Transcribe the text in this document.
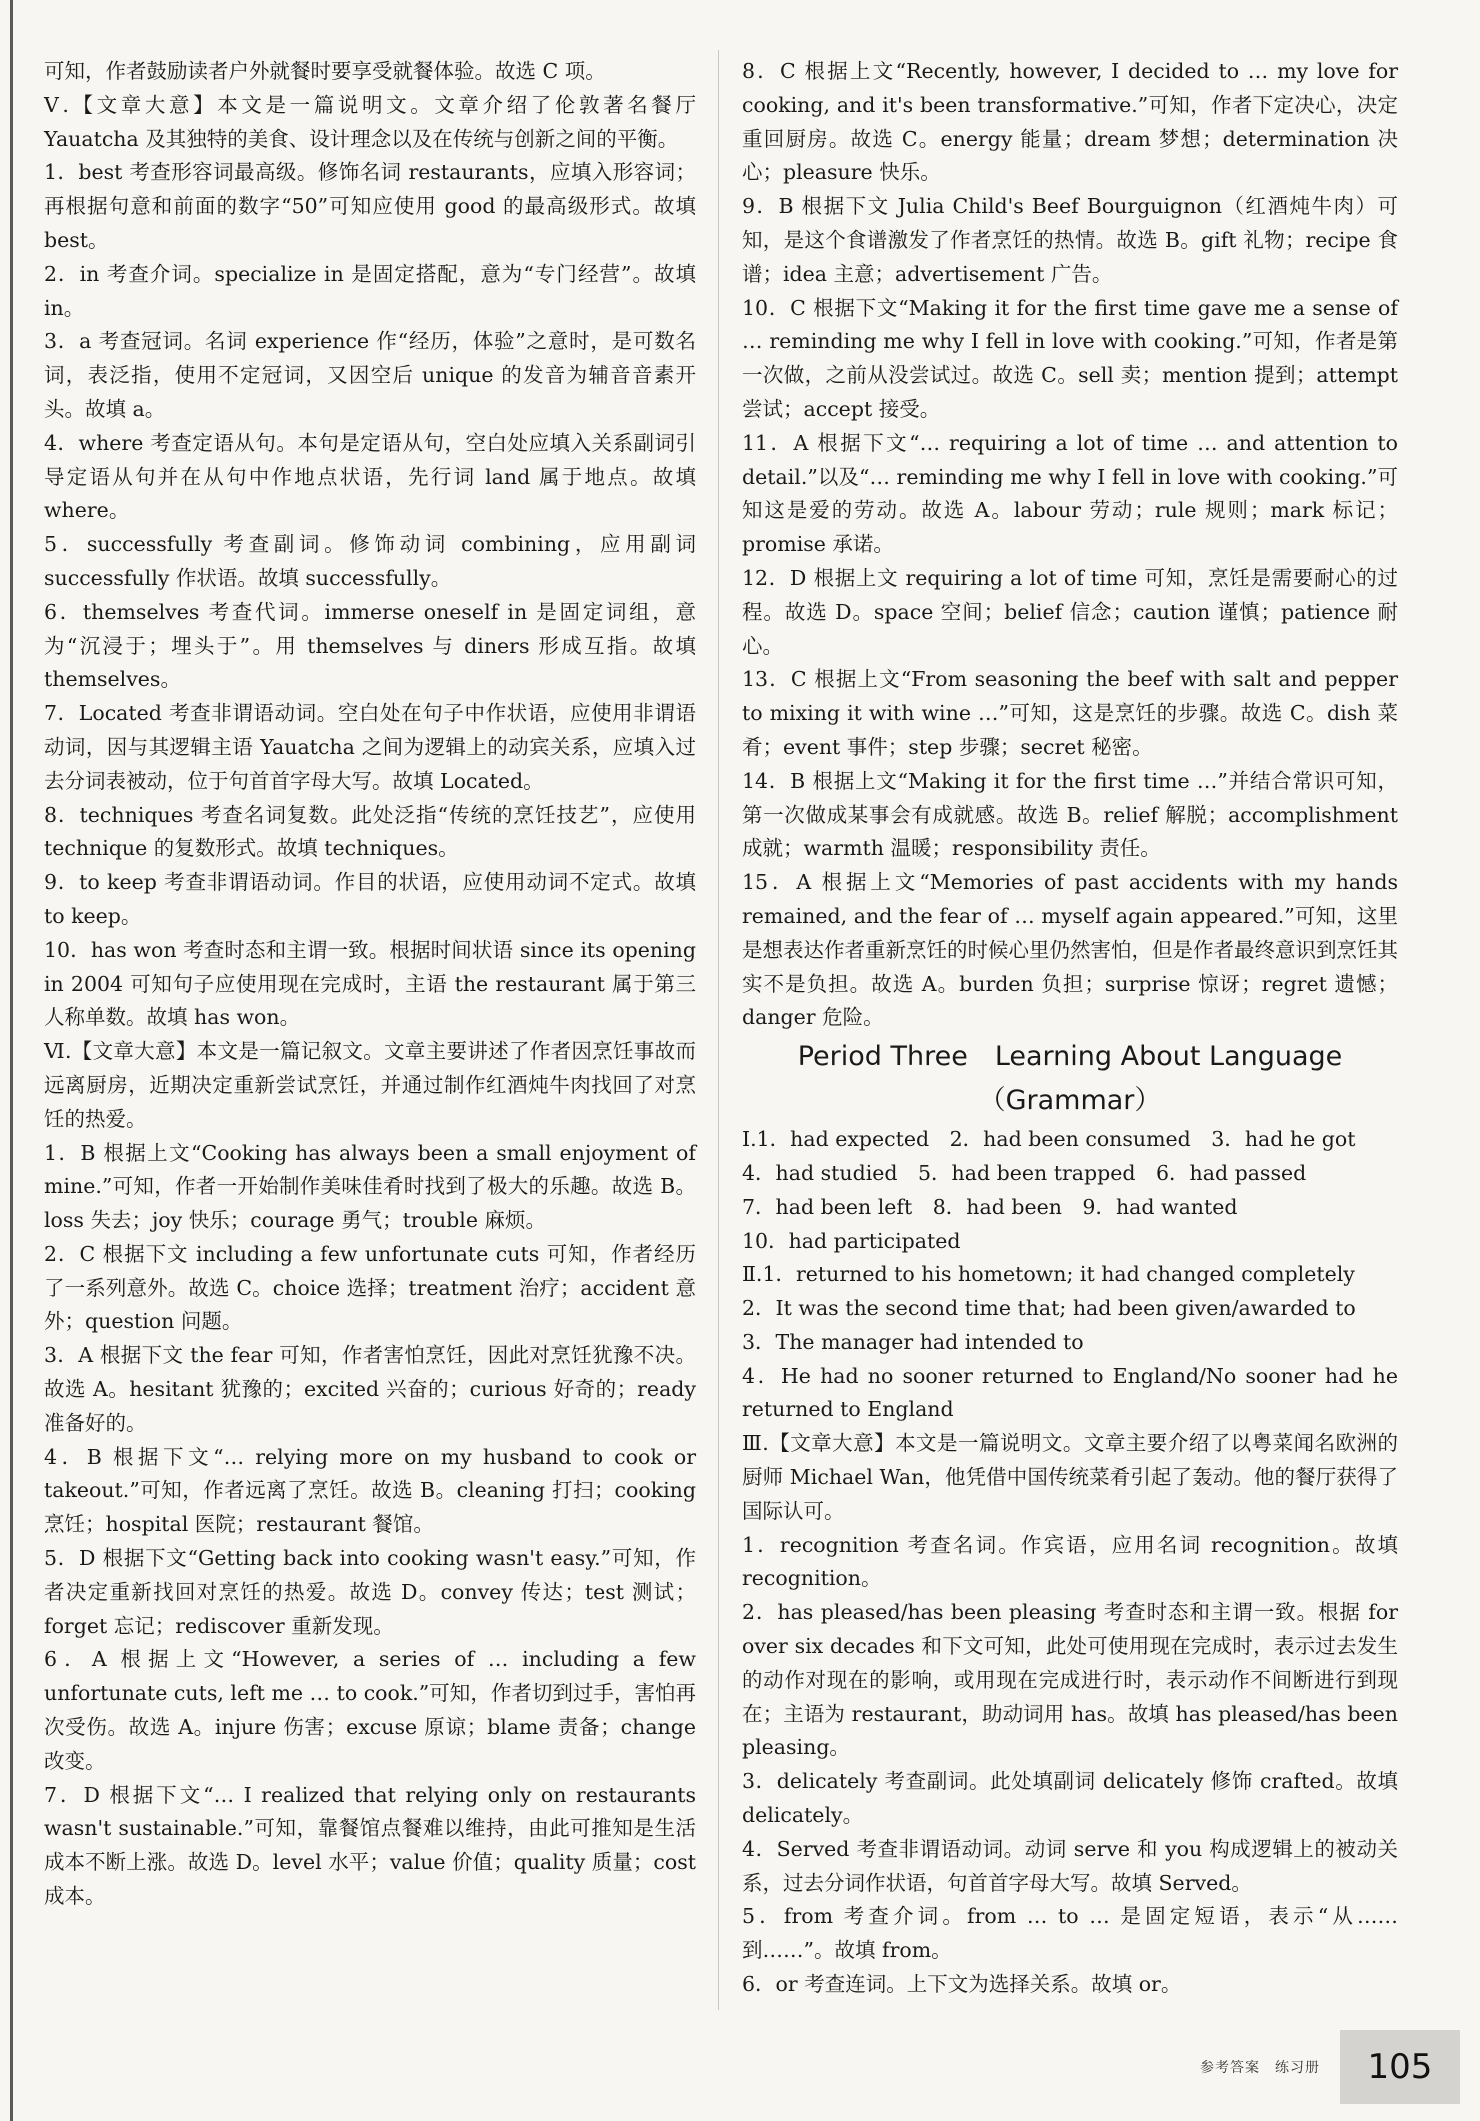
可知，作者鼓励读者户外就餐时要享受就餐体验。故选 C 项。

Ⅴ.【文章大意】本文是一篇说明文。文章介绍了伦敦著名餐厅 Yauatcha 及其独特的美食、设计理念以及在传统与创新之间的平衡。

1．best 考查形容词最高级。修饰名词 restaurants，应填入形容词；再根据句意和前面的数字“50”可知应使用 good 的最高级形式。故填 best。

2．in 考查介词。specialize in 是固定搭配，意为“专门经营”。故填 in。

3．a 考查冠词。名词 experience 作“经历，体验”之意时，是可数名词，表泛指，使用不定冠词，又因空后 unique 的发音为辅音音素开头。故填 a。

4．where 考查定语从句。本句是定语从句，空白处应填入关系副词引导定语从句并在从句中作地点状语，先行词 land 属于地点。故填 where。

5．successfully 考查副词。修饰动词 combining，应用副词 successfully 作状语。故填 successfully。

6．themselves 考查代词。immerse oneself in 是固定词组，意为“沉浸于；埋头于”。用 themselves 与 diners 形成互指。故填 themselves。

7．Located 考查非谓语动词。空白处在句子中作状语，应使用非谓语动词，因与其逻辑主语 Yauatcha 之间为逻辑上的动宾关系，应填入过去分词表被动，位于句首首字母大写。故填 Located。

8．techniques 考查名词复数。此处泛指“传统的烹饪技艺”，应使用 technique 的复数形式。故填 techniques。

9．to keep 考查非谓语动词。作目的状语，应使用动词不定式。故填 to keep。

10．has won 考查时态和主谓一致。根据时间状语 since its opening in 2004 可知句子应使用现在完成时，主语 the restaurant 属于第三人称单数。故填 has won。

Ⅵ.【文章大意】本文是一篇记叙文。文章主要讲述了作者因烹饪事故而远离厨房，近期决定重新尝试烹饪，并通过制作红酒炖牛肉找回了对烹饪的热爱。

1．B 根据上文“Cooking has always been a small enjoyment of mine.”可知，作者一开始制作美味佳肴时找到了极大的乐趣。故选 B。loss 失去；joy 快乐；courage 勇气；trouble 麻烦。

2．C 根据下文 including a few unfortunate cuts 可知，作者经历了一系列意外。故选 C。choice 选择；treatment 治疗；accident 意外；question 问题。

3．A 根据下文 the fear 可知，作者害怕烹饪，因此对烹饪犹豫不决。故选 A。hesitant 犹豫的；excited 兴奋的；curious 好奇的；ready 准备好的。

4．B 根据下文“… relying more on my husband to cook or takeout.”可知，作者远离了烹饪。故选 B。cleaning 打扫；cooking 烹饪；hospital 医院；restaurant 餐馆。

5．D 根据下文“Getting back into cooking wasn't easy.”可知，作者决定重新找回对烹饪的热爱。故选 D。convey 传达；test 测试；forget 忘记；rediscover 重新发现。

6．A 根据上文“However, a series of … including a few unfortunate cuts, left me … to cook.”可知，作者切到过手，害怕再次受伤。故选 A。injure 伤害；excuse 原谅；blame 责备；change 改变。

7．D 根据下文“… I realized that relying only on restaurants wasn't sustainable.”可知，靠餐馆点餐难以维持，由此可推知是生活成本不断上涨。故选 D。level 水平；value 价值；quality 质量；cost 成本。

8．C 根据上文“Recently, however, I decided to … my love for cooking, and it's been transformative.”可知，作者下定决心，决定重回厨房。故选 C。energy 能量；dream 梦想；determination 决心；pleasure 快乐。

9．B 根据下文 Julia Child's Beef Bourguignon（红酒炖牛肉）可知，是这个食谱激发了作者烹饪的热情。故选 B。gift 礼物；recipe 食谱；idea 主意；advertisement 广告。

10．C 根据下文“Making it for the first time gave me a sense of … reminding me why I fell in love with cooking.”可知，作者是第一次做，之前从没尝试过。故选 C。sell 卖；mention 提到；attempt 尝试；accept 接受。

11．A 根据下文“… requiring a lot of time … and attention to detail.”以及“… reminding me why I fell in love with cooking.”可知这是爱的劳动。故选 A。labour 劳动；rule 规则；mark 标记；promise 承诺。

12．D 根据上文 requiring a lot of time 可知，烹饪是需要耐心的过程。故选 D。space 空间；belief 信念；caution 谨慎；patience 耐心。

13．C 根据上文“From seasoning the beef with salt and pepper to mixing it with wine …”可知，这是烹饪的步骤。故选 C。dish 菜肴；event 事件；step 步骤；secret 秘密。

14．B 根据上文“Making it for the first time …”并结合常识可知，第一次做成某事会有成就感。故选 B。relief 解脱；accomplishment 成就；warmth 温暖；responsibility 责任。

15．A 根据上文“Memories of past accidents with my hands remained, and the fear of … myself again appeared.”可知，这里是想表达作者重新烹饪的时候心里仍然害怕，但是作者最终意识到烹饪其实不是负担。故选 A。burden 负担；surprise 惊讶；regret 遗憾；danger 危险。

Period Three　Learning About Language
（Grammar）

Ⅰ.1．had expected　2．had been consumed　3．had he got

4．had studied　5．had been trapped　6．had passed

7．had been left　8．had been　9．had wanted

10．had participated

Ⅱ.1．returned to his hometown; it had changed completely

2．It was the second time that; had been given/awarded to

3．The manager had intended to

4．He had no sooner returned to England/No sooner had he returned to England

Ⅲ.【文章大意】本文是一篇说明文。文章主要介绍了以粤菜闻名欧洲的厨师 Michael Wan，他凭借中国传统菜肴引起了轰动。他的餐厅获得了国际认可。

1．recognition 考查名词。作宾语，应用名词 recognition。故填 recognition。

2．has pleased/has been pleasing 考查时态和主谓一致。根据 for over six decades 和下文可知，此处可使用现在完成时，表示过去发生的动作对现在的影响，或用现在完成进行时，表示动作不间断进行到现在；主语为 restaurant，助动词用 has。故填 has pleased/has been pleasing。

3．delicately 考查副词。此处填副词 delicately 修饰 crafted。故填 delicately。

4．Served 考查非谓语动词。动词 serve 和 you 构成逻辑上的被动关系，过去分词作状语，句首首字母大写。故填 Served。

5．from 考查介词。from … to … 是固定短语，表示“从……到……”。故填 from。

6．or 考查连词。上下文为选择关系。故填 or。

参考答案　练习册	105
